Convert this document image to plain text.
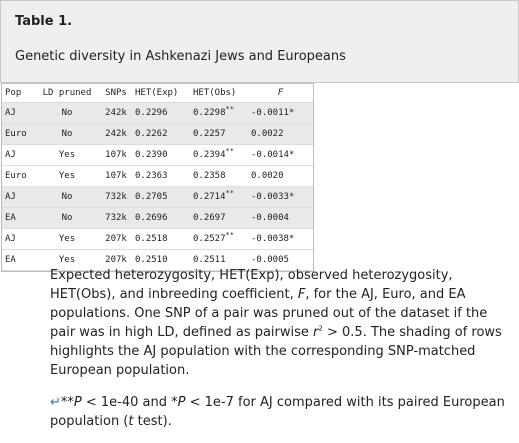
Table 1.
Genetic diversity in Ashkenazi Jews and Europeans
Pop	LD pruned	SNPs	HET(Exp)	HET(Obs)	F
AJ	No	242k	0.2296	0.2298**	-0.0011*
Euro	No	242k	0.2262	0.2257	0.0022
AJ	Yes	107k	0.2390	0.2394**	-0.0014*
Euro	Yes	107k	0.2363	0.2358	0.0020
AJ	No	732k	0.2705	0.2714**	-0.0033*
EA	No	732k	0.2696	0.2697	-0.0004
AJ	Yes	207k	0.2518	0.2527**	-0.0038*
EA	Yes	207k	0.2510	0.2511	-0.0005

Expected heterozygosity, HET(Exp), observed heterozygosity, HET(Obs), and inbreeding coefficient, F, for the AJ, Euro, and EA populations. One SNP of a pair was pruned out of the dataset if the pair was in high LD, defined as pairwise $r^2 > 0.5$. The shading of rows highlights the AJ population with the corresponding SNP-matched European population.

↵**P < 1e-40 and *P < 1e-7 for AJ compared with its paired European population (t test).
